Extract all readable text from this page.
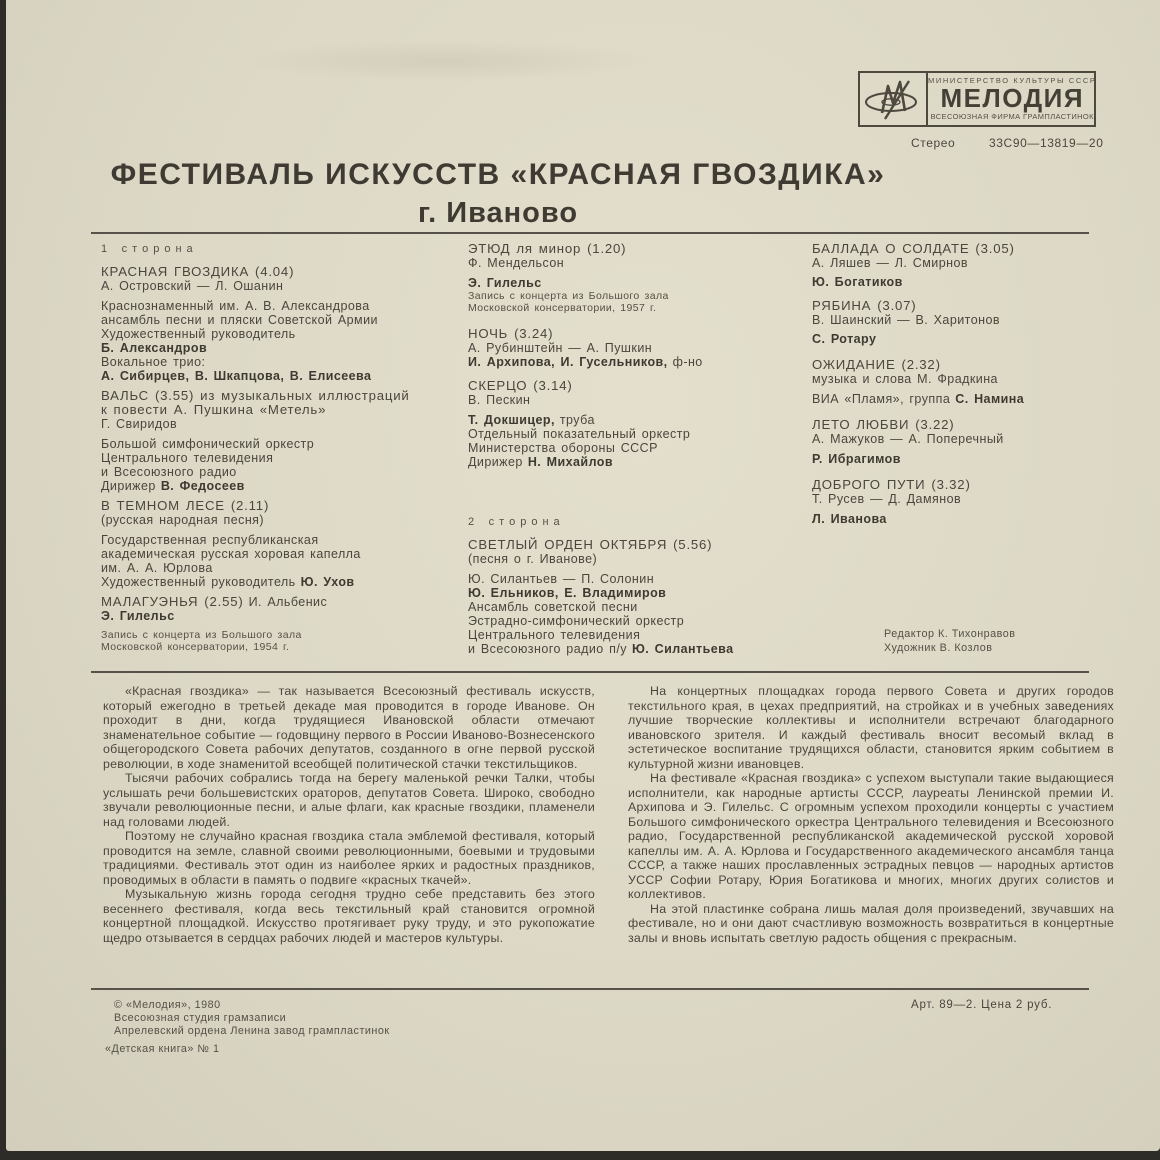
МИНИСТЕРСТВО КУЛЬТУРЫ СССР
МЕЛОДИЯ
ВСЕСОЮЗНАЯ ФИРМА ГРАМПЛАСТИНОК
Стерео	33С90—13819—20
ФЕСТИВАЛЬ ИСКУССТВ «КРАСНАЯ ГВОЗДИКА»
г. Иваново
1 сторона
КРАСНАЯ ГВОЗДИКА (4.04)
А. Островский — Л. Ошанин
Краснознаменный им. А. В. Александрова
ансамбль песни и пляски Советской Армии
Художественный руководитель
Б. Александров
Вокальное трио:
А. Сибирцев, В. Шкапцова, В. Елисеева
ВАЛЬС (3.55) из музыкальных иллюстраций
к повести А. Пушкина «Метель»
Г. Свиридов
Большой симфонический оркестр
Центрального телевидения
и Всесоюзного радио
Дирижер В. Федосеев
В ТЕМНОМ ЛЕСЕ (2.11)
(русская народная песня)
Государственная республиканская
академическая русская хоровая капелла
им. А. А. Юрлова
Художественный руководитель Ю. Ухов
МАЛАГУЭНЬЯ (2.55) И. Альбенис
Э. Гилельс
Запись с концерта из Большого зала
Московской консерватории, 1954 г.
ЭТЮД ля минор (1.20)
Ф. Мендельсон
Э. Гилельс
Запись с концерта из Большого зала
Московской консерватории, 1957 г.
НОЧЬ (3.24)
А. Рубинштейн — А. Пушкин
И. Архипова, И. Гусельников, ф-но
СКЕРЦО (3.14)
В. Пескин
Т. Докшицер, труба
Отдельный показательный оркестр
Министерства обороны СССР
Дирижер Н. Михайлов
2 сторона
СВЕТЛЫЙ ОРДЕН ОКТЯБРЯ (5.56)
(песня о г. Иванове)
Ю. Силантьев — П. Солонин
Ю. Ельников, Е. Владимиров
Ансамбль советской песни
Эстрадно-симфонический оркестр
Центрального телевидения
и Всесоюзного радио п/у Ю. Силантьева
БАЛЛАДА О СОЛДАТЕ (3.05)
А. Ляшев — Л. Смирнов
Ю. Богатиков
РЯБИНА (3.07)
В. Шаинский — В. Харитонов
С. Ротару
ОЖИДАНИЕ (2.32)
музыка и слова М. Фрадкина
ВИА «Пламя», группа С. Намина
ЛЕТО ЛЮБВИ (3.22)
А. Мажуков — А. Поперечный
Р. Ибрагимов
ДОБРОГО ПУТИ (3.32)
Т. Русев — Д. Дамянов
Л. Иванова
Редактор К. Тихонравов
Художник В. Козлов

«Красная гвоздика» — так называется Всесоюзный фестиваль искусств, который ежегодно в третьей декаде мая проводится в городе Иванове. Он проходит в дни, когда трудящиеся Ивановской области отмечают знаменательное событие — годовщину первого в России Иваново-Вознесенского общегородского Совета рабочих депутатов, созданного в огне первой русской революции, в ходе знаменитой всеобщей политической стачки текстильщиков.

Тысячи рабочих собрались тогда на берегу маленькой речки Талки, чтобы услышать речи большевистских ораторов, депутатов Совета. Широко, свободно звучали революционные песни, и алые флаги, как красные гвоздики, пламенели над головами людей.

Поэтому не случайно красная гвоздика стала эмблемой фестиваля, который проводится на земле, славной своими революционными, боевыми и трудовыми традициями. Фестиваль этот один из наиболее ярких и радостных праздников, проводимых в области в память о подвиге «красных ткачей».

Музыкальную жизнь города сегодня трудно себе представить без этого весеннего фестиваля, когда весь текстильный край становится огромной концертной площадкой. Искусство протягивает руку труду, и это рукопожатие щедро отзывается в сердцах рабочих людей и мастеров культуры.

На концертных площадках города первого Совета и других городов текстильного края, в цехах предприятий, на стройках и в учебных заведениях лучшие творческие коллективы и исполнители встречают благодарного ивановского зрителя. И каждый фестиваль вносит весомый вклад в эстетическое воспитание трудящихся области, становится ярким событием в культурной жизни ивановцев.

На фестивале «Красная гвоздика» с успехом выступали такие выдающиеся исполнители, как народные артисты СССР, лауреаты Ленинской премии И. Архипова и Э. Гилельс. С огромным успехом проходили концерты с участием Большого симфонического оркестра Центрального телевидения и Всесоюзного радио, Государственной республиканской академической русской хоровой капеллы им. А. А. Юрлова и Государственного академического ансамбля танца СССР, а также наших прославленных эстрадных певцов — народных артистов УССР Софии Ротару, Юрия Богатикова и многих, многих других солистов и коллективов.

На этой пластинке собрана лишь малая доля произведений, звучавших на фестивале, но и они дают счастливую возможность возвратиться в концертные залы и вновь испытать светлую радость общения с прекрасным.

© «Мелодия», 1980
Всесоюзная студия грамзаписи
Апрелевский ордена Ленина завод грампластинок
«Детская книга» № 1
Арт. 89—2. Цена 2 руб.
